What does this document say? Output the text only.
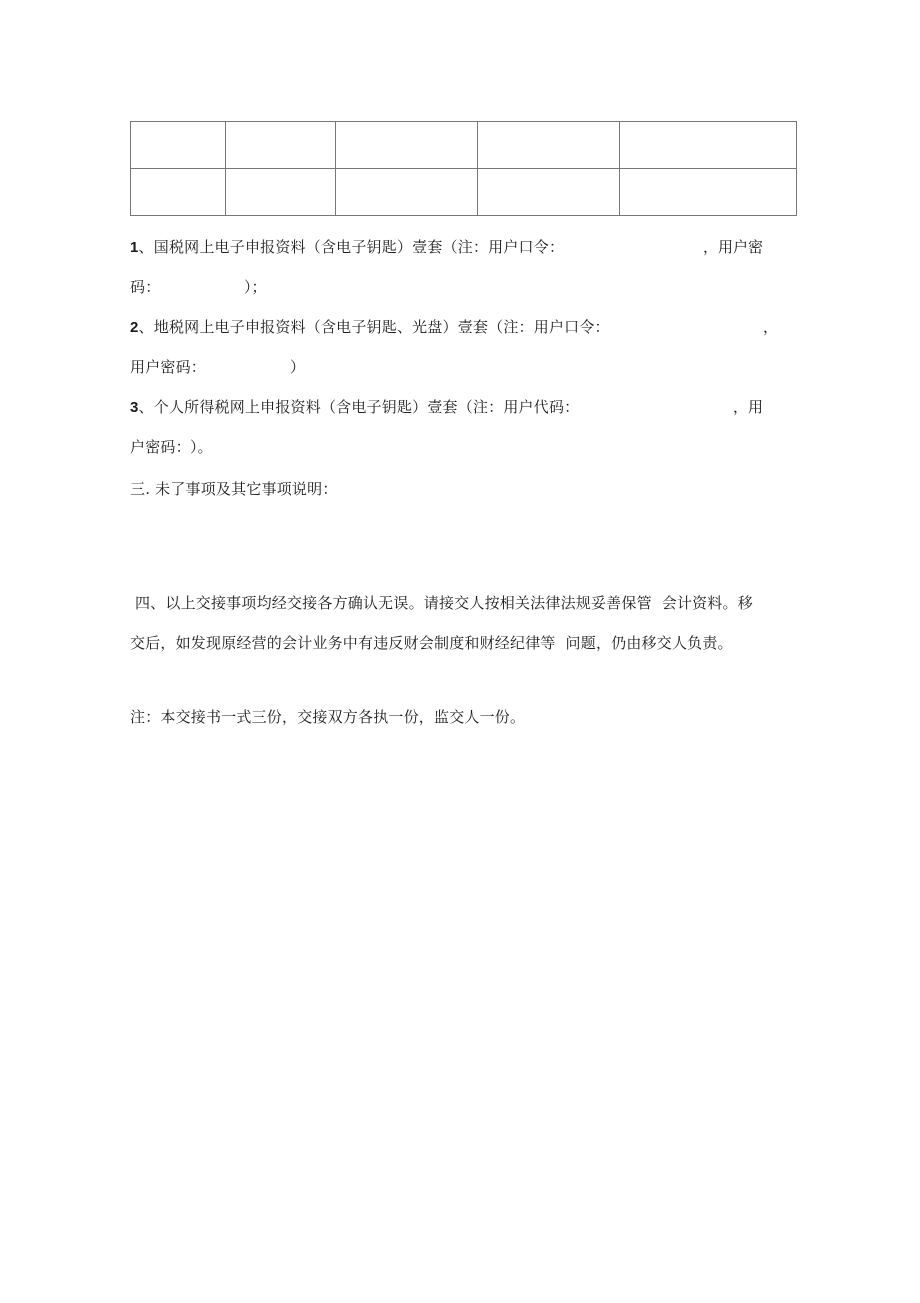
1、国税网上电子申报资料（含电子钥匙）壹套（注：用户口令：	，用户密
码：	）；
2、地税网上电子申报资料（含电子钥匙、光盘）壹套（注：用户口令：	，
用户密码：	）
3、个人所得税网上申报资料（含电子钥匙）壹套（注：用户代码：	，用
户密码： ）。
三. 未了事项及其它事项说明：
四、以上交接事项均经交接各方确认无误。请接交人按相关法律法规妥善保管  会计资料。移
交后，如发现原经营的会计业务中有违反财会制度和财经纪律等  问题，仍由移交人负责。
注：本交接书一式三份，交接双方各执一份，监交人一份。
